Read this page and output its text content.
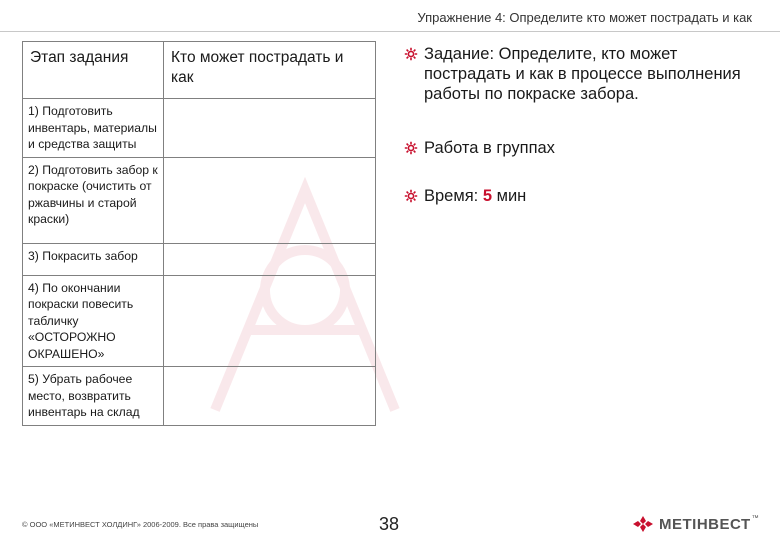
Упражнение 4: Определите кто может пострадать и как
Этап задания	Кто может пострадать и как
1) Подготовить инвентарь, материалы и средства защиты	
2) Подготовить забор к покраске (очистить от ржавчины и старой краски)	
3) Покрасить забор	
4) По окончании покраски повесить табличку «ОСТОРОЖНО ОКРАШЕНО»	
5) Убрать рабочее место, возвратить инвентарь на склад	
Задание: Определите, кто может пострадать и как в процессе выполнения работы по покраске забора.
Работа в группах
Время: 5 мин
© ООО «МЕТИНВЕСТ ХОЛДИНГ» 2006-2009. Все права защищены	38	МЕТІНВЕСТ ™
